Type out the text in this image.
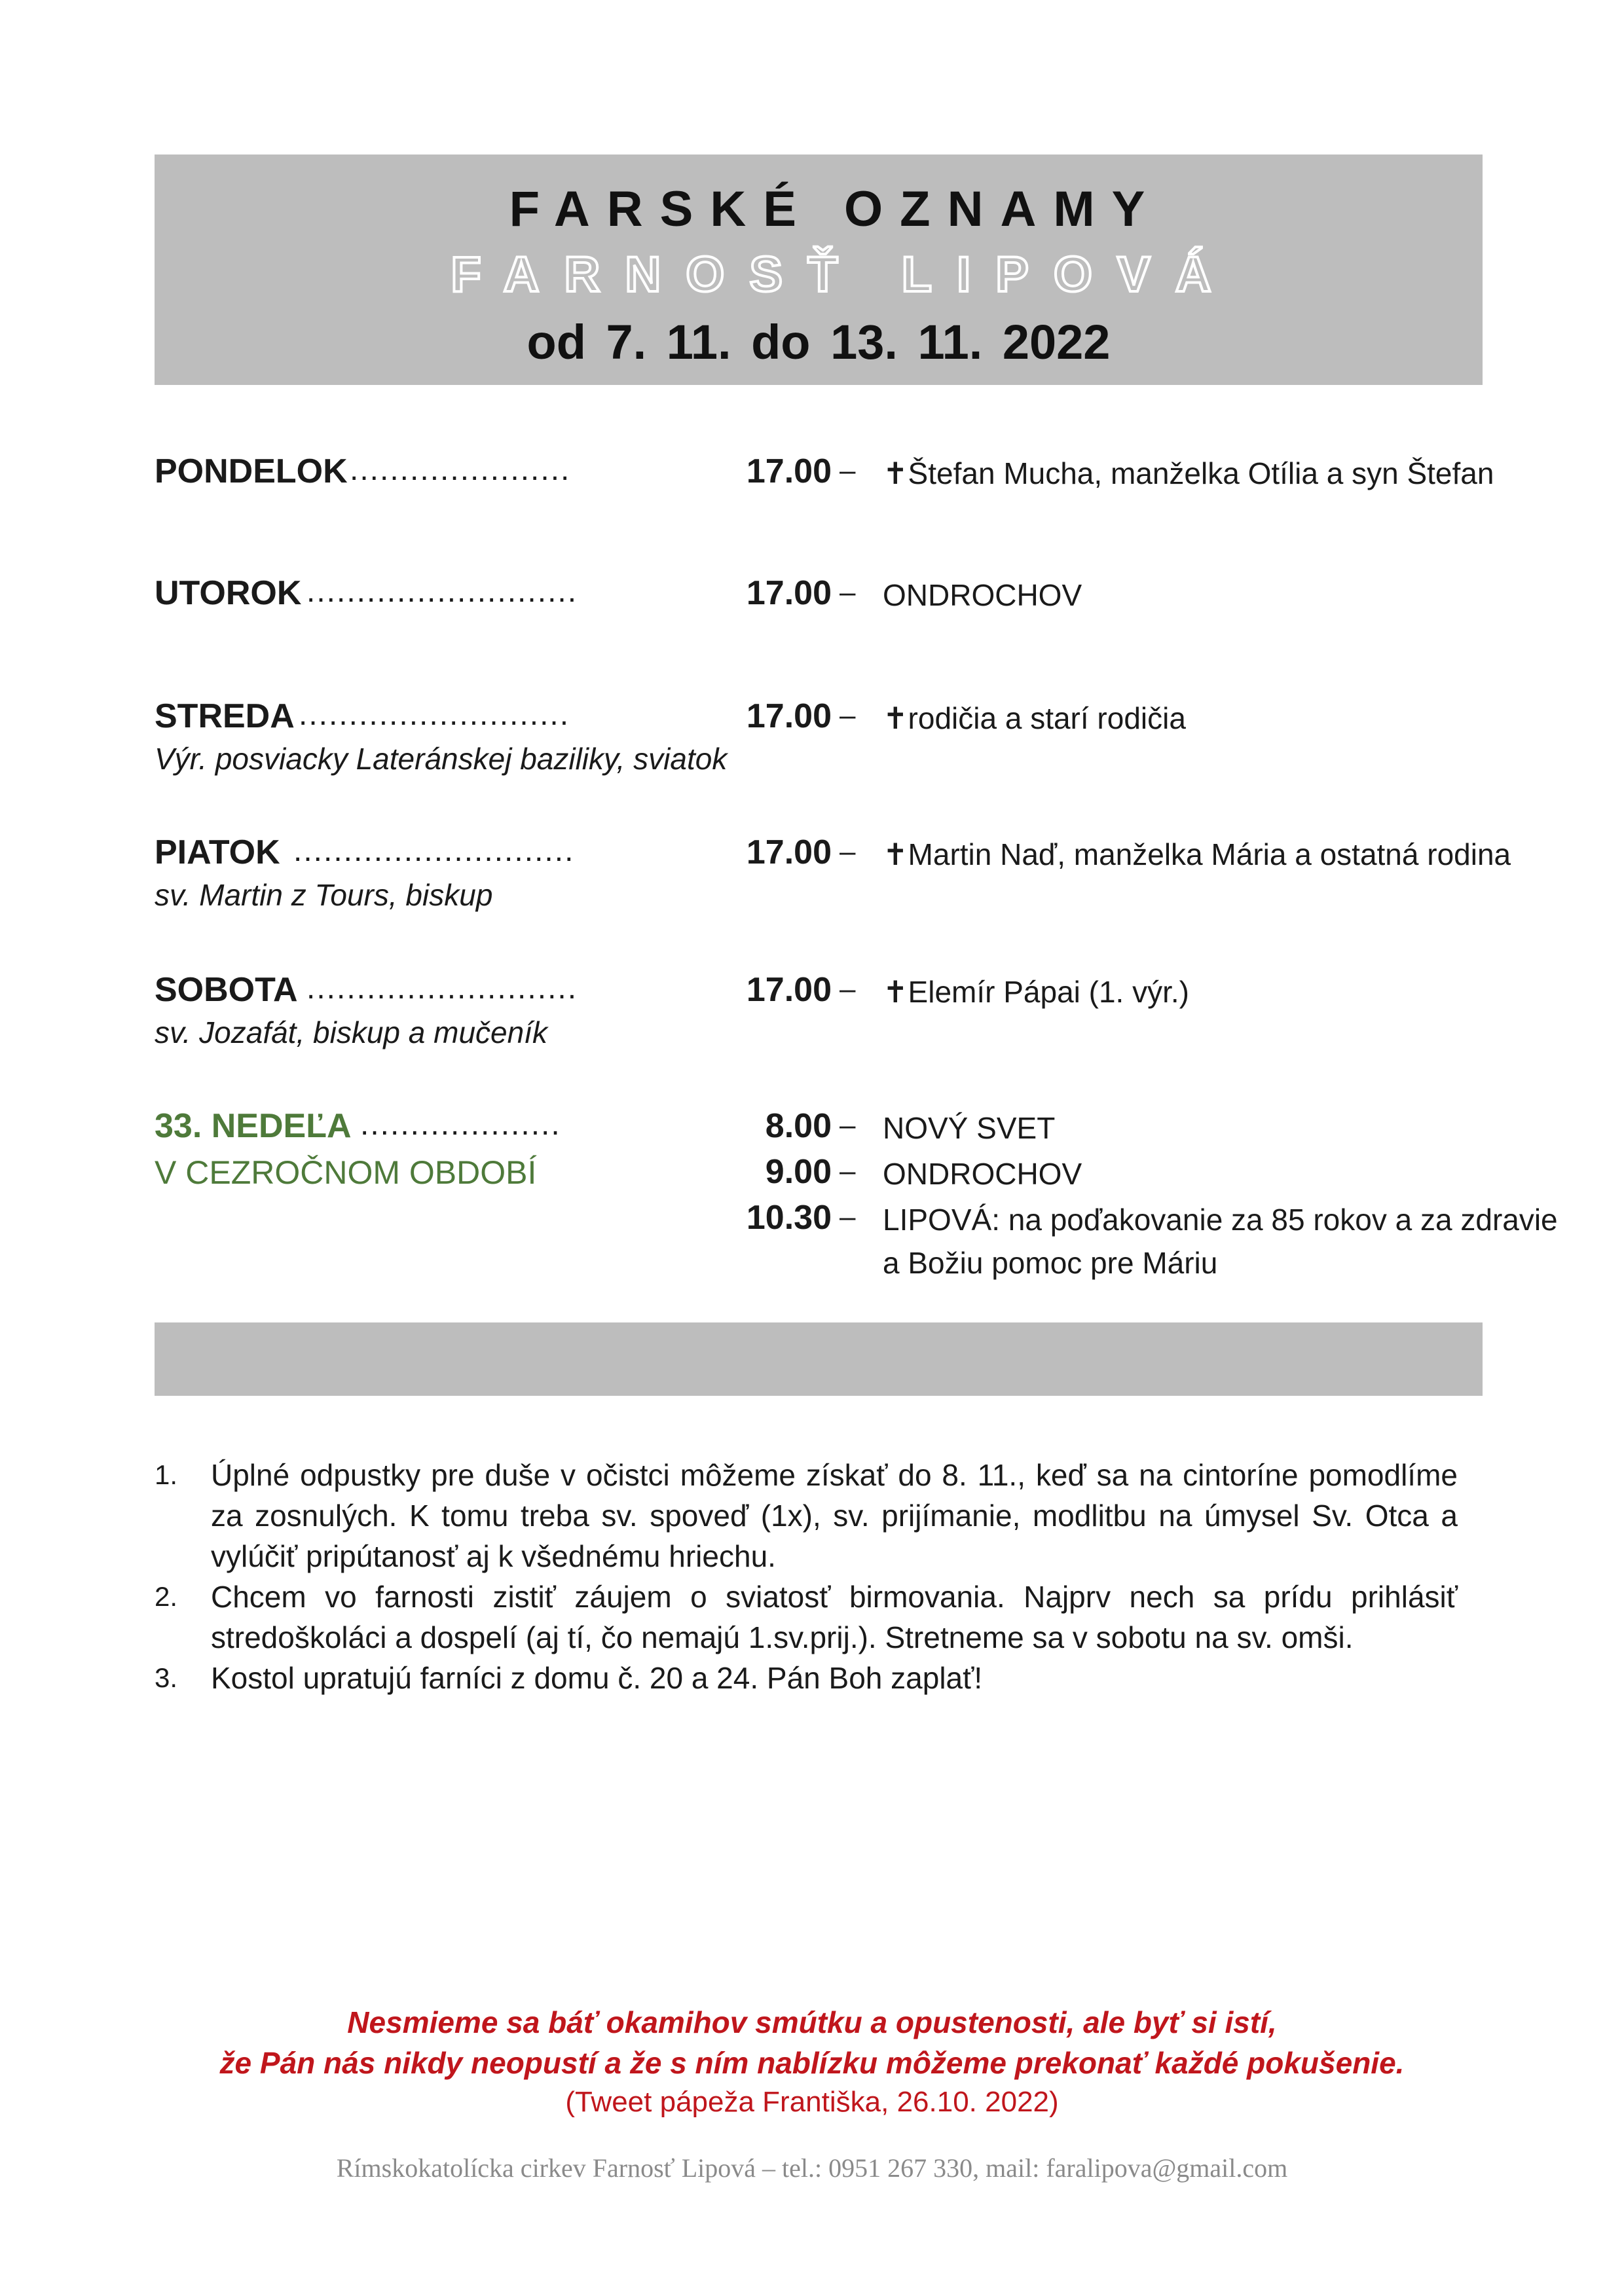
FARSKÉ OZNAMY
FARNOSŤ LIPOVÁ
od 7. 11. do 13. 11. 2022
PONDELOK ......................	17.00 – ✝Štefan Mucha, manželka Otília a syn Štefan
UTOROK ...........................	17.00 – ONDROCHOV
STREDA ...........................	17.00 – ✝rodičia a starí rodičia
Výr. posviacky Lateránskej baziliky, sviatok
PIATOK ............................	17.00 – ✝Martin Naď, manželka Mária a ostatná rodina
sv. Martin z Tours, biskup
SOBOTA ...........................	17.00 – ✝Elemír Pápai (1. výr.)
sv. Jozafát, biskup a mučeník
33. NEDEĽA ....................	8.00 – NOVÝ SVET
V CEZROČNOM OBDOBÍ	9.00 – ONDROCHOV
10.30 – LIPOVÁ: na poďakovanie za 85 rokov a za zdravie
a Božiu pomoc pre Máriu
1. Úplné odpustky pre duše v očistci môžeme získať do 8. 11., keď sa na cintoríne pomodlíme za zosnulých. K tomu treba sv. spoveď (1x), sv. prijímanie, modlitbu na úmysel Sv. Otca a vylúčiť pripútanosť aj k všednému hriechu.
2. Chcem vo farnosti zistiť záujem o sviatosť birmovania. Najprv nech sa prídu prihlásiť stredoškoláci a dospelí (aj tí, čo nemajú 1.sv.prij.). Stretneme sa v sobotu na sv. omši.
3. Kostol upratujú farníci z domu č. 20 a 24. Pán Boh zaplať!
Nesmieme sa báť okamihov smútku a opustenosti, ale byť si istí,
že Pán nás nikdy neopustí a že s ním nablízku môžeme prekonať každé pokušenie.
(Tweet pápeža Františka, 26.10. 2022)
Rímskokatolícka cirkev Farnosť Lipová – tel.: 0951 267 330, mail: faralipova@gmail.com
